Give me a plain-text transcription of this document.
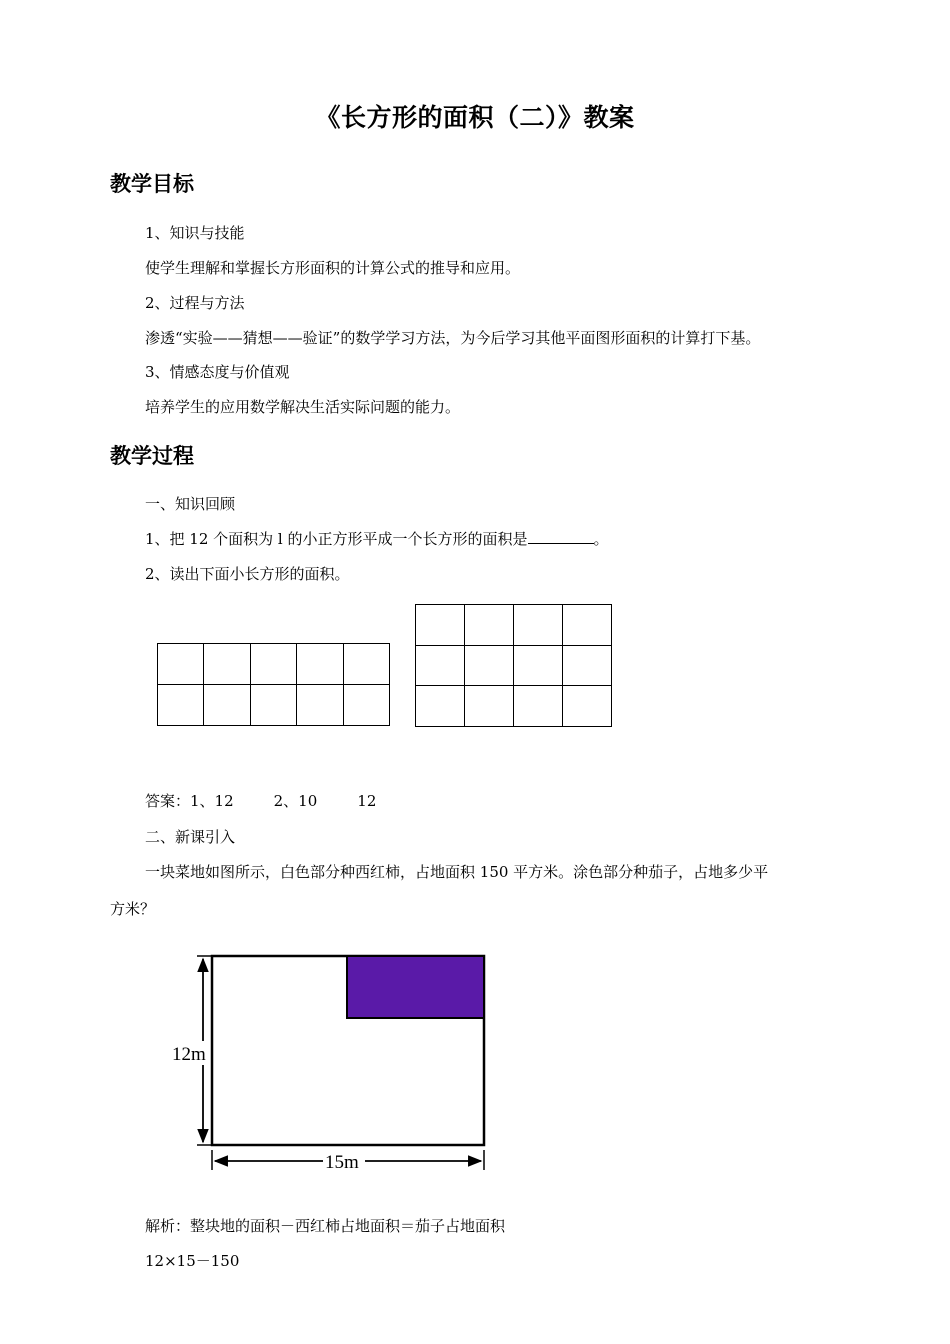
《长方形的面积（二）》教案
教学目标

1、知识与技能

使学生理解和掌握长方形面积的计算公式的推导和应用。

2、过程与方法

渗透“实验——猜想——验证”的数学学习方法，为今后学习其他平面图形面积的计算打下基。

3、情感态度与价值观

培养学生的应用数学解决生活实际问题的能力。

教学过程

一、知识回顾

1、把 12 个面积为 l 的小正方形平成一个长方形的面积是	。

2、读出下面小长方形的面积。

答案：1、12	2、10	12

二、新课引入

一块菜地如图所示，白色部分种西红柿，占地面积 150 平方米。涂色部分种茄子，占地多少平

方米？

12m
15m

解析：整块地的面积－西红柿占地面积＝茄子占地面积

12×15－150
